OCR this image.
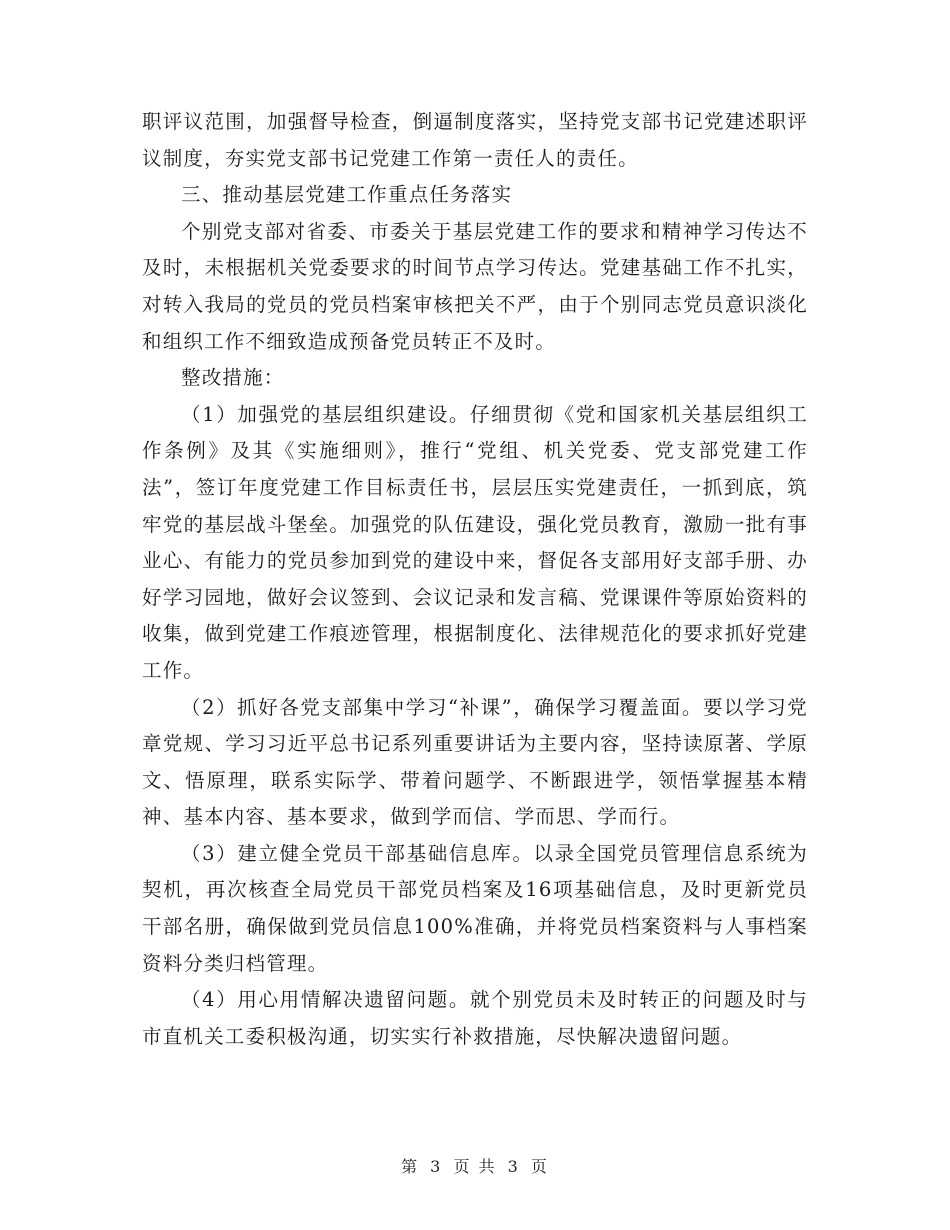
职评议范围，加强督导检查，倒逼制度落实，坚持党支部书记党建述职评议制度，夯实党支部书记党建工作第一责任人的责任。

三、推动基层党建工作重点任务落实

个别党支部对省委、市委关于基层党建工作的要求和精神学习传达不及时，未根据机关党委要求的时间节点学习传达。党建基础工作不扎实，对转入我局的党员的党员档案审核把关不严，由于个别同志党员意识淡化和组织工作不细致造成预备党员转正不及时。

整改措施：

（1）加强党的基层组织建设。仔细贯彻《党和国家机关基层组织工作条例》及其《实施细则》，推行“党组、机关党委、党支部党建工作法”，签订年度党建工作目标责任书，层层压实党建责任，一抓到底，筑牢党的基层战斗堡垒。加强党的队伍建设，强化党员教育，激励一批有事业心、有能力的党员参加到党的建设中来，督促各支部用好支部手册、办好学习园地，做好会议签到、会议记录和发言稿、党课课件等原始资料的收集，做到党建工作痕迹管理，根据制度化、法律规范化的要求抓好党建工作。

（2）抓好各党支部集中学习“补课”，确保学习覆盖面。要以学习党章党规、学习习近平总书记系列重要讲话为主要内容，坚持读原著、学原文、悟原理，联系实际学、带着问题学、不断跟进学，领悟掌握基本精神、基本内容、基本要求，做到学而信、学而思、学而行。

（3）建立健全党员干部基础信息库。以录全国党员管理信息系统为契机，再次核查全局党员干部党员档案及16项基础信息，及时更新党员干部名册，确保做到党员信息100%准确，并将党员档案资料与人事档案资料分类归档管理。

（4）用心用情解决遗留问题。就个别党员未及时转正的问题及时与市直机关工委积极沟通，切实实行补救措施，尽快解决遗留问题。

第 3 页 共 3 页
